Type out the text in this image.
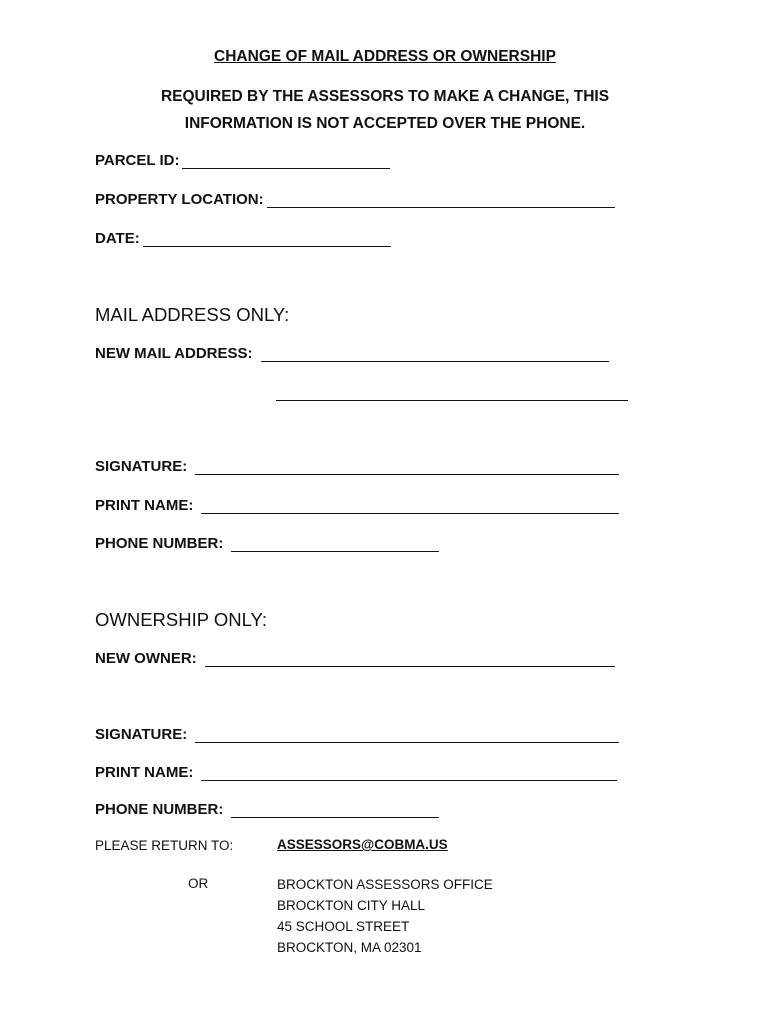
CHANGE OF MAIL ADDRESS OR OWNERSHIP
REQUIRED BY THE ASSESSORS TO MAKE A CHANGE, THIS
INFORMATION IS NOT ACCEPTED OVER THE PHONE.
PARCEL ID:
PROPERTY LOCATION:
DATE:
MAIL ADDRESS ONLY:
NEW MAIL ADDRESS:
SIGNATURE:
PRINT NAME:
PHONE NUMBER:
OWNERSHIP ONLY:
NEW OWNER:
SIGNATURE:
PRINT NAME:
PHONE NUMBER:
PLEASE RETURN TO:	ASSESSORS@COBMA.US
OR	BROCKTON ASSESSORS OFFICE
BROCKTON CITY HALL
45 SCHOOL STREET
BROCKTON, MA 02301
